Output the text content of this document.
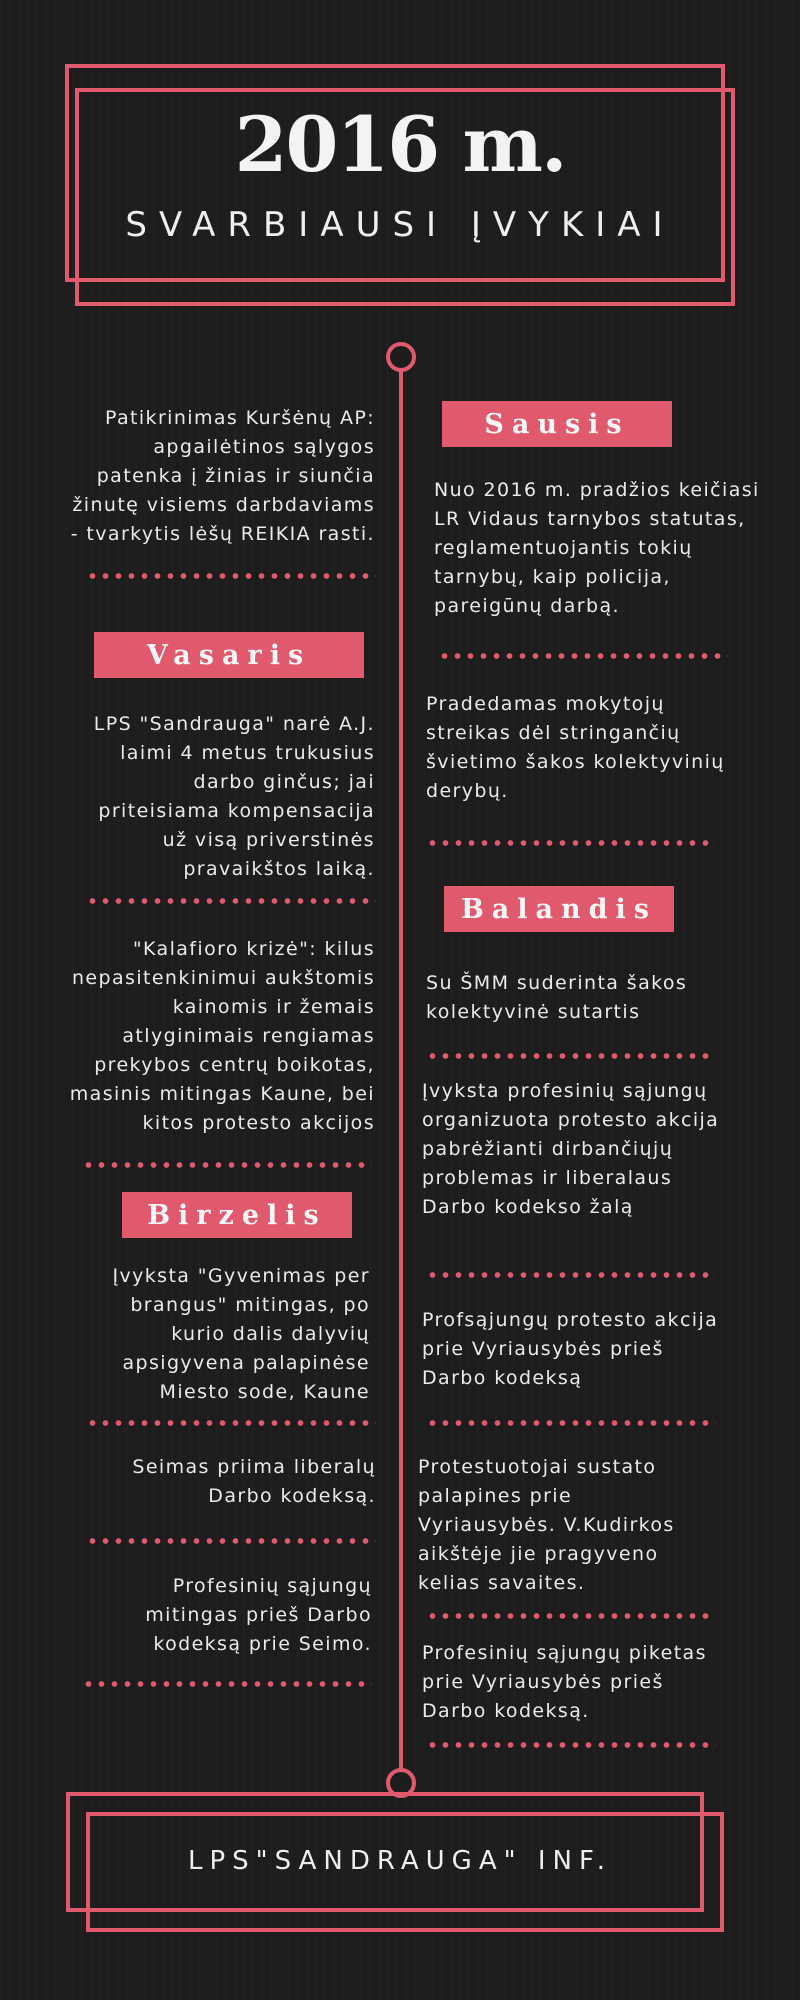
2016 m.
SVARBIAUSI ĮVYKIAI

Patikrinimas Kuršėnų AP: apgailėtinos sąlygos patenka į žinias ir siunčia žinutę visiems darbdaviams - tvarkytis lėšų REIKIA rasti.

Vasaris

LPS "Sandrauga" narė A.J. laimi 4 metus trukusius darbo ginčus; jai priteisiama kompensacija už visą priverstinės pravaikštos laiką.

"Kalafioro krizė": kilus nepasitenkinimui aukštomis kainomis ir žemais atlyginimais rengiamas prekybos centrų boikotas, masinis mitingas Kaune, bei kitos protesto akcijos

Birzelis

Įvyksta "Gyvenimas per brangus" mitingas, po kurio dalis dalyvių apsigyvena palapinėse Miesto sode, Kaune

Seimas priima liberalų Darbo kodeksą.

Profesinių sąjungų mitingas prieš Darbo kodeksą prie Seimo.

Sausis

Nuo 2016 m. pradžios keičiasi LR Vidaus tarnybos statutas, reglamentuojantis tokių tarnybų, kaip policija, pareigūnų darbą.

Pradedamas mokytojų streikas dėl stringančių švietimo šakos kolektyvinių derybų.

Balandis

Su ŠMM suderinta šakos kolektyvinė sutartis

Įvyksta profesinių sąjungų organizuota protesto akcija pabrėžianti dirbančiųjų problemas ir liberalaus Darbo kodekso žalą

Profsąjungų protesto akcija prie Vyriausybės prieš Darbo kodeksą

Protestuotojai sustato palapines prie Vyriausybės. V.Kudirkos aikštėje jie pragyveno kelias savaites.

Profesinių sąjungų piketas prie Vyriausybės prieš Darbo kodeksą.

LPS"SANDRAUGA" INF.
